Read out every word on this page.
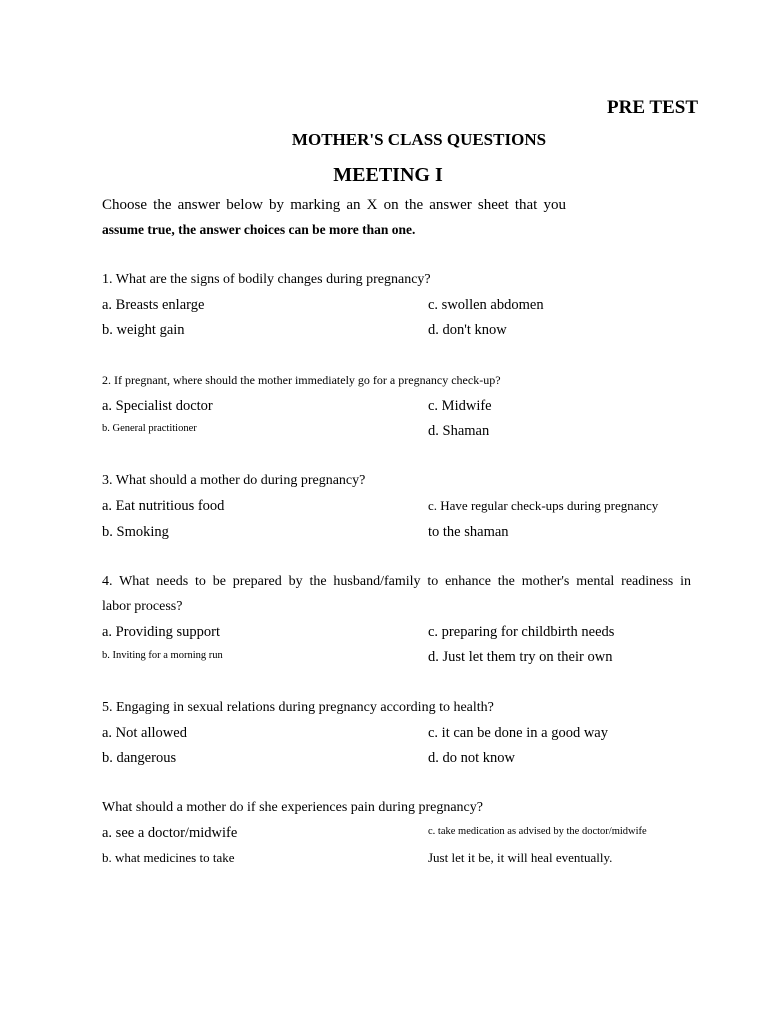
PRE TEST
MOTHER'S CLASS QUESTIONS
MEETING I
Choose the answer below by marking an X on the answer sheet that you
assume true, the answer choices can be more than one.
1. What are the signs of bodily changes during pregnancy?
a. Breasts enlarge
b. weight gain
c. swollen abdomen
d. don't know
2. If pregnant, where should the mother immediately go for a pregnancy check-up?
a. Specialist doctor
b. General practitioner
c. Midwife
d. Shaman
3. What should a mother do during pregnancy?
a. Eat nutritious food
b. Smoking
c. Have regular check-ups during pregnancy
to the shaman
4. What needs to be prepared by the husband/family to enhance the mother's mental readiness in
labor process?
a. Providing support
b. Inviting for a morning run
c. preparing for childbirth needs
d. Just let them try on their own
5. Engaging in sexual relations during pregnancy according to health?
a. Not allowed
b. dangerous
c. it can be done in a good way
d. do not know
What should a mother do if she experiences pain during pregnancy?
a. see a doctor/midwife
b. what medicines to take
c. take medication as advised by the doctor/midwife
Just let it be, it will heal eventually.
